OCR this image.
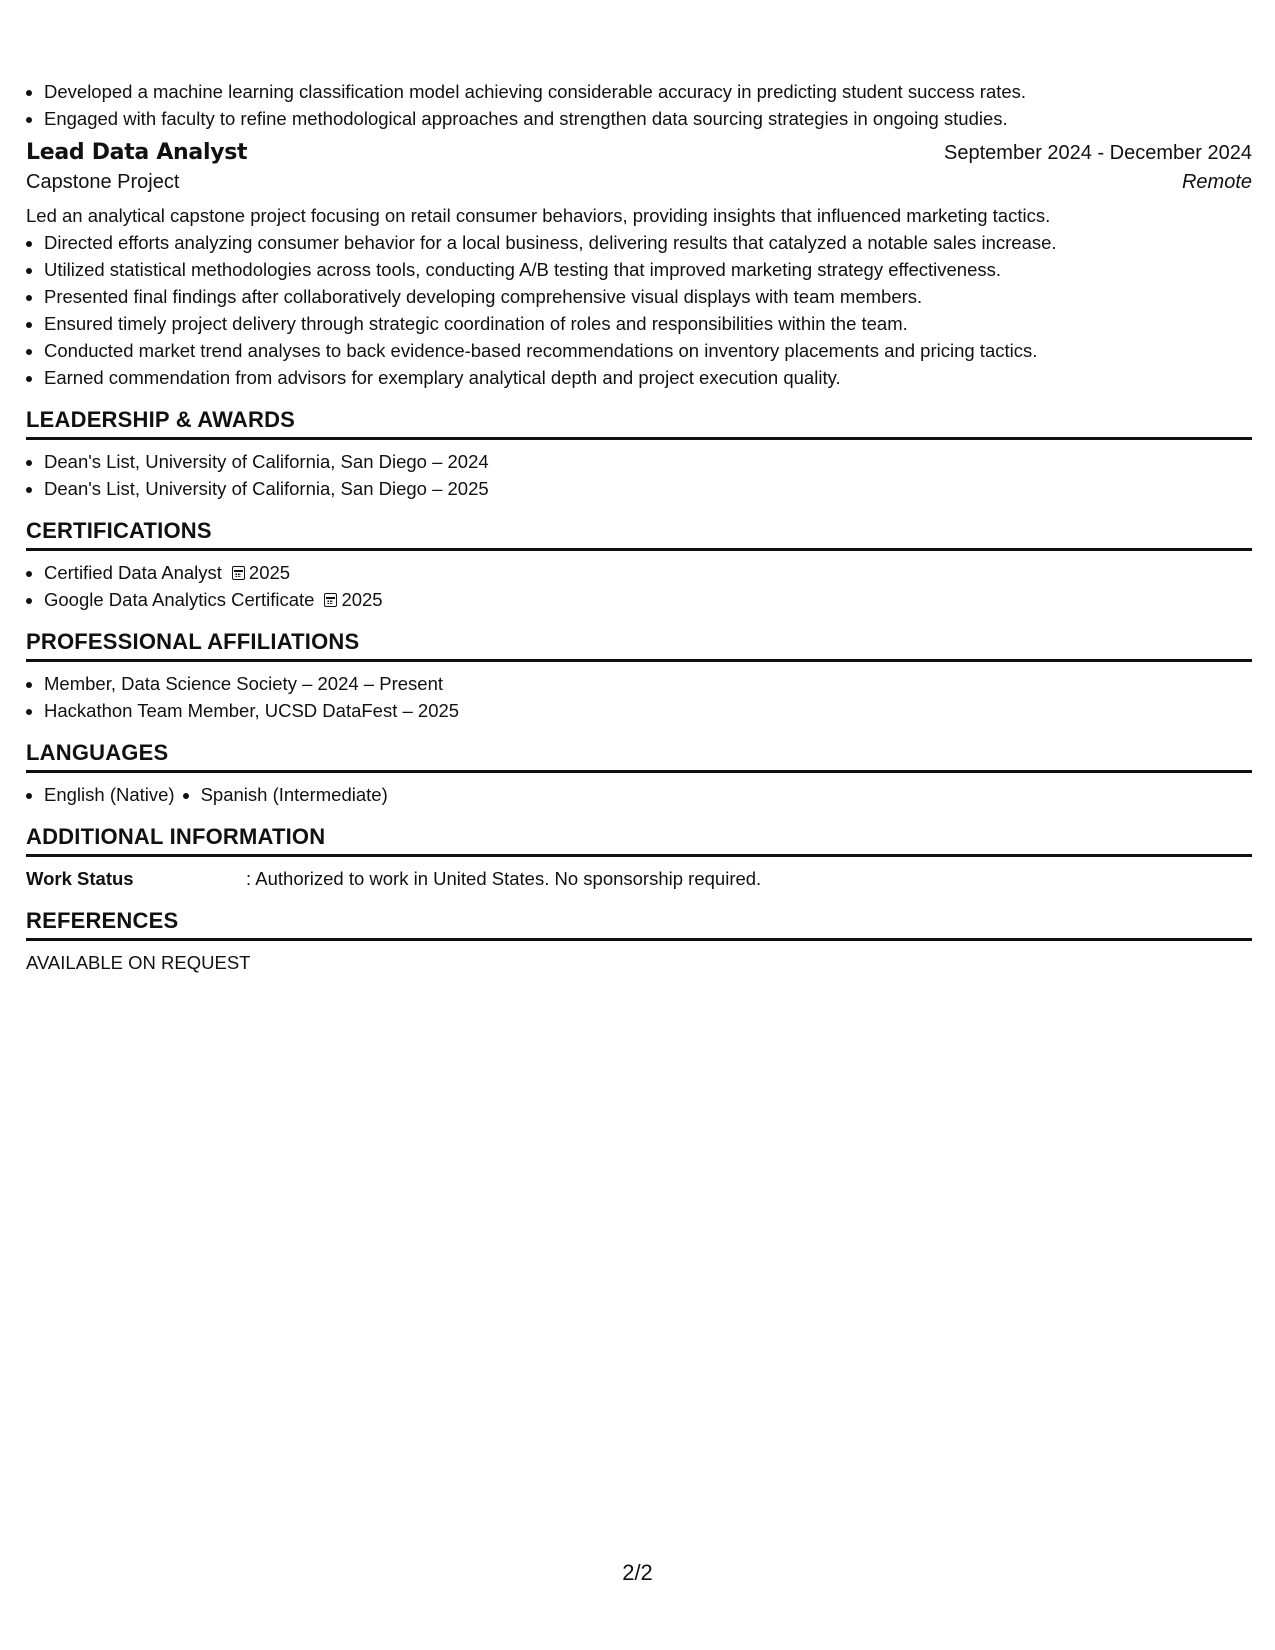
• Developed a machine learning classification model achieving considerable accuracy in predicting student success rates.
• Engaged with faculty to refine methodological approaches and strengthen data sourcing strategies in ongoing studies.
Lead Data Analyst	September 2024 - December 2024
Capstone Project	Remote
Led an analytical capstone project focusing on retail consumer behaviors, providing insights that influenced marketing tactics.
• Directed efforts analyzing consumer behavior for a local business, delivering results that catalyzed a notable sales increase.
• Utilized statistical methodologies across tools, conducting A/B testing that improved marketing strategy effectiveness.
• Presented final findings after collaboratively developing comprehensive visual displays with team members.
• Ensured timely project delivery through strategic coordination of roles and responsibilities within the team.
• Conducted market trend analyses to back evidence-based recommendations on inventory placements and pricing tactics.
• Earned commendation from advisors for exemplary analytical depth and project execution quality.
LEADERSHIP & AWARDS
• Dean's List, University of California, San Diego – 2024
• Dean's List, University of California, San Diego – 2025
CERTIFICATIONS
• Certified Data Analyst 2025
• Google Data Analytics Certificate 2025
PROFESSIONAL AFFILIATIONS
• Member, Data Science Society – 2024 – Present
• Hackathon Team Member, UCSD DataFest – 2025
LANGUAGES
• English (Native)
• Spanish (Intermediate)
ADDITIONAL INFORMATION
Work Status	: Authorized to work in United States. No sponsorship required.
REFERENCES
AVAILABLE ON REQUEST
2/2
